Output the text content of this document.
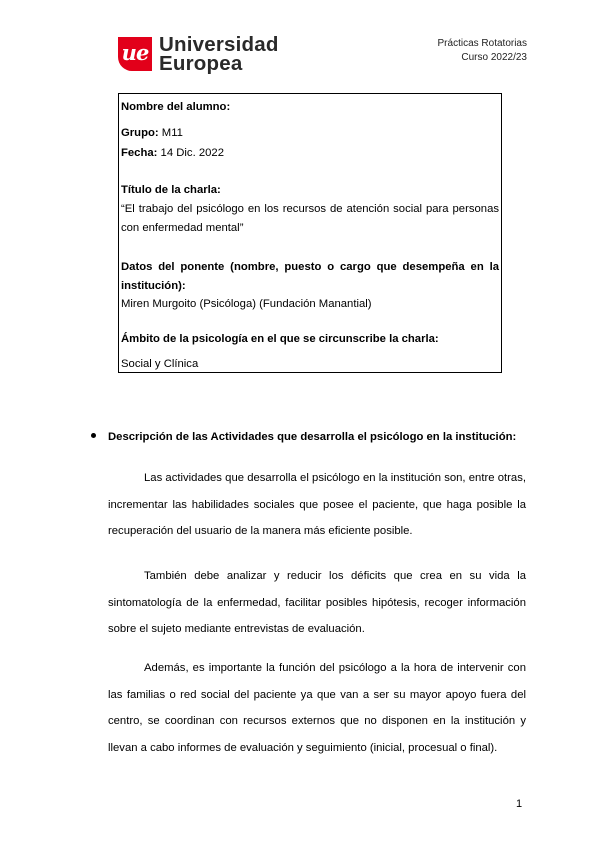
ue Universidad
Europea
Prácticas Rotatorias
Curso 2022/23
Nombre del alumno:
Grupo: M11
Fecha: 14 Dic. 2022
Título de la charla:
“El trabajo del psicólogo en los recursos de atención social para personas con enfermedad mental”
Datos del ponente (nombre, puesto o cargo que desempeña en la institución):
Miren Murgoito (Psicóloga) (Fundación Manantial)
Ámbito de la psicología en el que se circunscribe la charla:
Social y Clínica
Descripción de las Actividades que desarrolla el psicólogo en la institución:
Las actividades que desarrolla el psicólogo en la institución son, entre otras, incrementar las habilidades sociales que posee el paciente, que haga posible la recuperación del usuario de la manera más eficiente posible.
También debe analizar y reducir los déficits que crea en su vida la sintomatología de la enfermedad, facilitar posibles hipótesis, recoger información sobre el sujeto mediante entrevistas de evaluación.
Además, es importante la función del psicólogo a la hora de intervenir con las familias o red social del paciente ya que van a ser su mayor apoyo fuera del centro, se coordinan con recursos externos que no disponen en la institución y llevan a cabo informes de evaluación y seguimiento (inicial, procesual o final).
1
